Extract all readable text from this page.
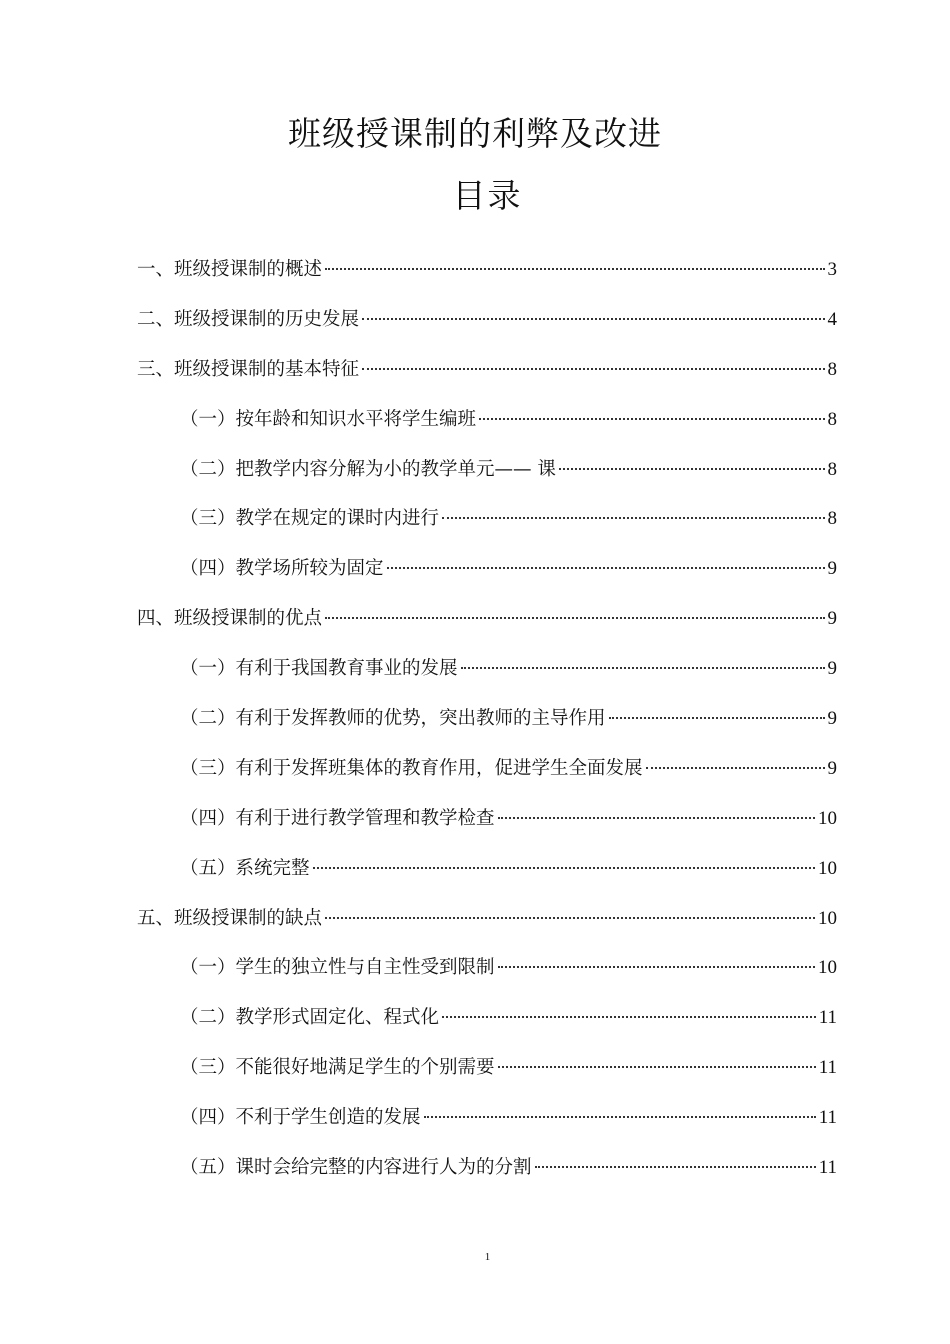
班级授课制的利弊及改进
目录
一、班级授课制的概述	3
二、班级授课制的历史发展	4
三、班级授课制的基本特征	8
（一）按年龄和知识水平将学生编班	8
（二）把教学内容分解为小的教学单元—— 课	8
（三）教学在规定的课时内进行	8
（四）教学场所较为固定	9
四、班级授课制的优点	9
（一）有利于我国教育事业的发展	9
（二）有利于发挥教师的优势，突出教师的主导作用	9
（三）有利于发挥班集体的教育作用，促进学生全面发展	9
（四）有利于进行教学管理和教学检查	10
（五）系统完整	10
五、班级授课制的缺点	10
（一）学生的独立性与自主性受到限制	10
（二）教学形式固定化、程式化	11
（三）不能很好地满足学生的个别需要	11
（四）不利于学生创造的发展	11
（五）课时会给完整的内容进行人为的分割	11
1
